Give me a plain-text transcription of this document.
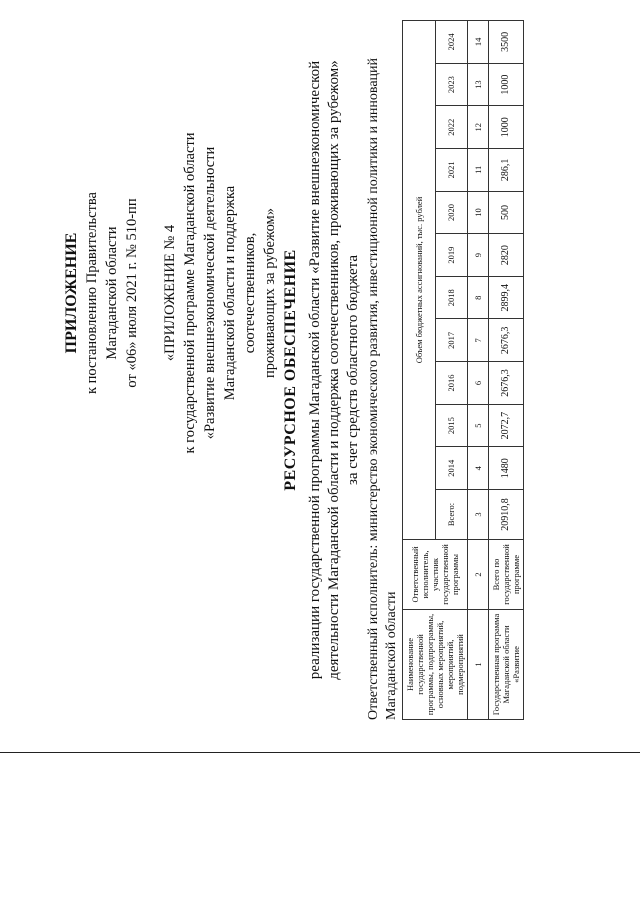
ПРИЛОЖЕНИЕ к постановлению Правительства Магаданской области от «06» июля 2021 г. № 510-пп «ПРИЛОЖЕНИЕ № 4 к государственной программе Магаданской области «Развитие внешнеэкономической деятельности Магаданской области и поддержка соотечественников, проживающих за рубежом» РЕСУРСНОЕ ОБЕСПЕЧЕНИЕ реализации государственной программы Магаданской области «Развитие внешнеэкономической деятельности Магаданской области и поддержка соотечественников, проживающих за рубежом» за счет средств областного бюджета Ответственный исполнитель: министерство экономического развития, инвестиционной политики и инноваций Магаданской области Наименование государственной программы, подпрограммы, основных мероприятий, мероприятий, подмероприятий	Ответственный исполнитель, участник государственной программы	Объем бюджетных ассигнований, тыс. рублей											
		Всего:	2014	2015	2016	2017	2018	2019	2020	2021	2022	2023	2024
1	2	3	4	5	6	7	8	9	10	11	12	13	14
Государственная программа Магаданской области «Развитие	Всего по государственной программе	20910,8	1480	2072,7	2676,3	2676,3	2899,4	2820	500	286,1	1000	1000	3500
